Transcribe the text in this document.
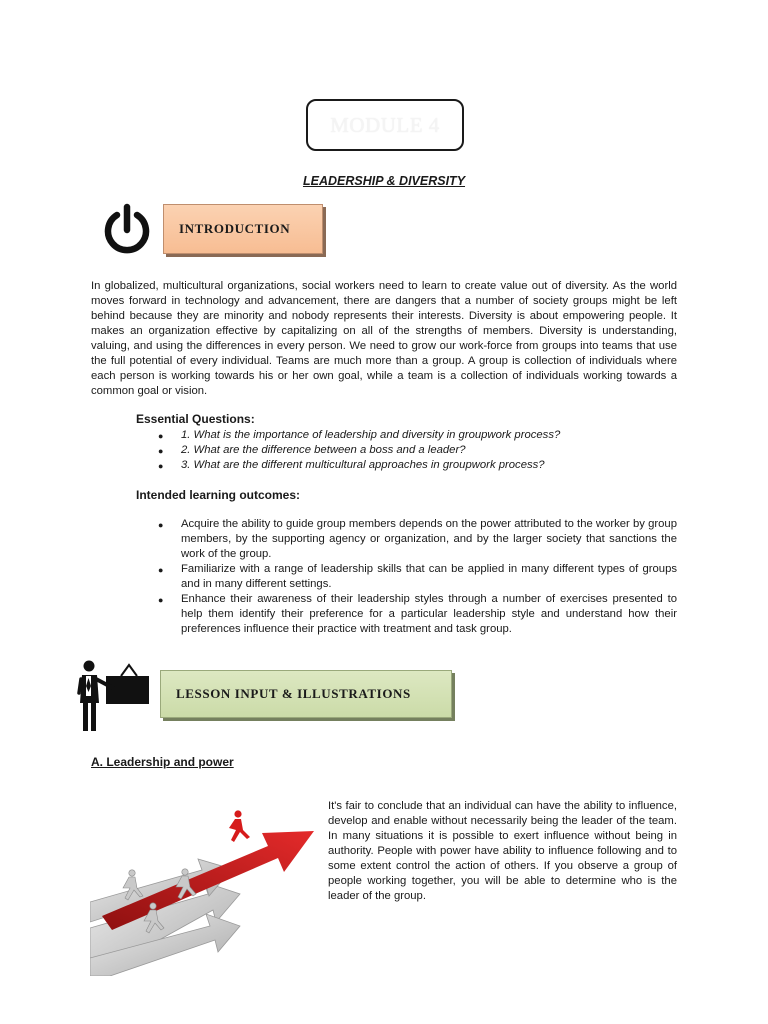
MODULE 4
LEADERSHIP & DIVERSITY
INTRODUCTION
In globalized, multicultural organizations, social workers need to learn to create value out of diversity. As the world moves forward in technology and advancement, there are dangers that a number of society groups might be left behind because they are minority and nobody represents their interests. Diversity is about empowering people. It makes an organization effective by capitalizing on all of the strengths of members. Diversity is understanding, valuing, and using the differences in every person. We need to grow our work-force from groups into teams that use the full potential of every individual. Teams are much more than a group. A group is collection of individuals where each person is working towards his or her own goal, while a team is a collection of individuals working towards a common goal or vision.
Essential Questions:
● 1. What is the importance of leadership and diversity in groupwork process?
● 2. What are the difference between a boss and a leader?
● 3. What are the different multicultural approaches in groupwork process?
Intended learning outcomes:
● Acquire the ability to guide group members depends on the power attributed to the worker by group members, by the supporting agency or organization, and by the larger society that sanctions the work of the group.
● Familiarize with a range of leadership skills that can be applied in many different types of groups and in many different settings.
● Enhance their awareness of their leadership styles through a number of exercises presented to help them identify their preference for a particular leadership style and understand how their preferences influence their practice with treatment and task group.
LESSON INPUT & ILLUSTRATIONS
A. Leadership and power
It's fair to conclude that an individual can have the ability to influence, develop and enable without necessarily being the leader of the team. In many situations it is possible to exert influence without being in authority. People with power have ability to influence following and to some extent control the action of others. If you observe a group of people working together, you will be able to determine who is the leader of the group.
